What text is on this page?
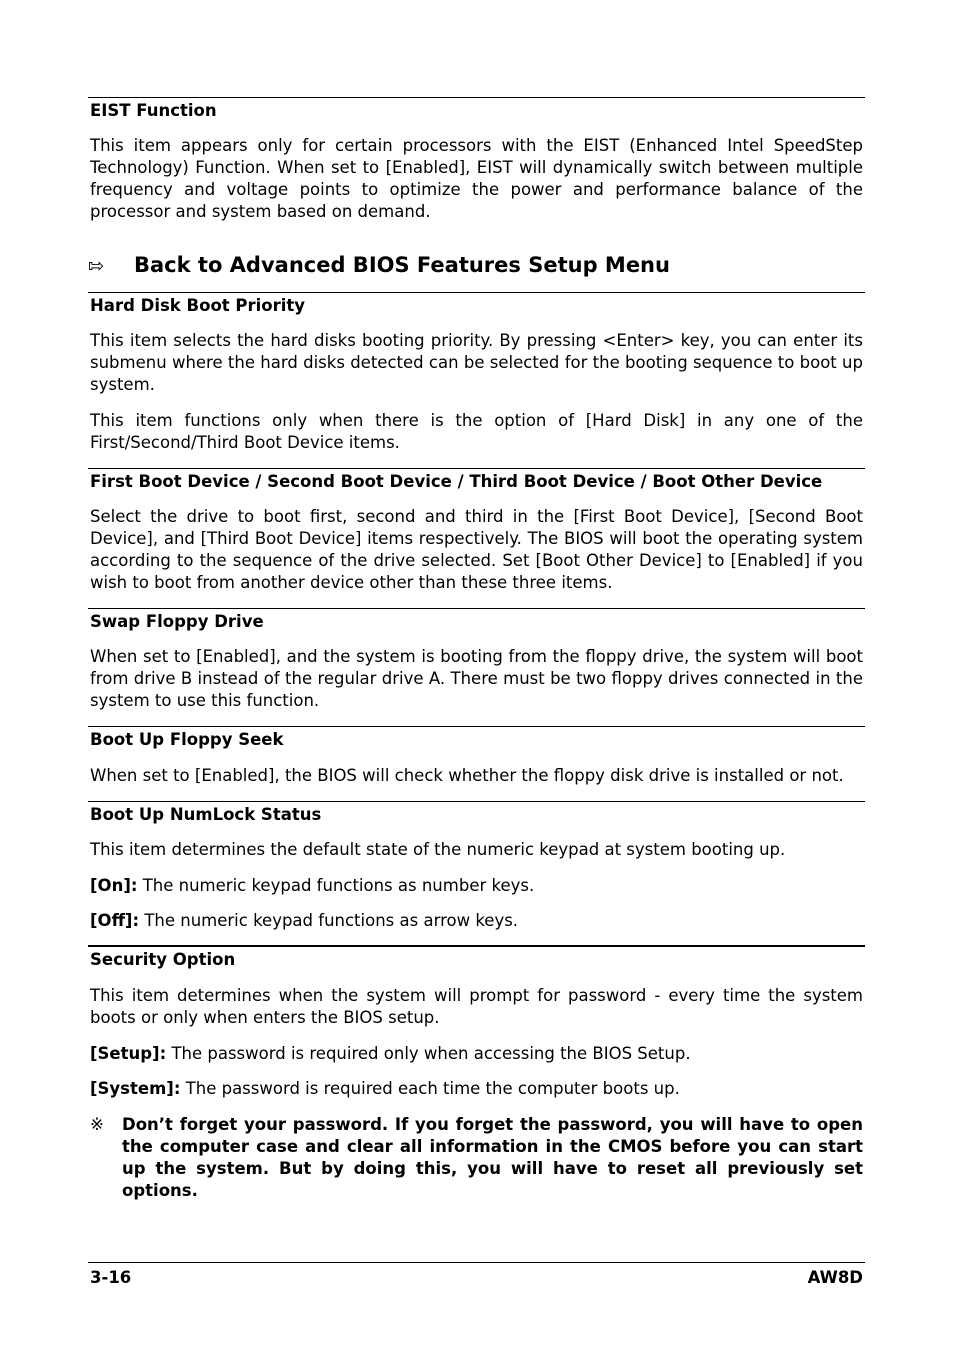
EIST Function
This item appears only for certain processors with the EIST (Enhanced Intel SpeedStep Technology) Function. When set to [Enabled], EIST will dynamically switch between multiple frequency and voltage points to optimize the power and performance balance of the processor and system based on demand.
⇰ Back to Advanced BIOS Features Setup Menu
Hard Disk Boot Priority
This item selects the hard disks booting priority. By pressing <Enter> key, you can enter its submenu where the hard disks detected can be selected for the booting sequence to boot up system.
This item functions only when there is the option of [Hard Disk] in any one of the First/Second/Third Boot Device items.
First Boot Device / Second Boot Device / Third Boot Device / Boot Other Device
Select the drive to boot first, second and third in the [First Boot Device], [Second Boot Device], and [Third Boot Device] items respectively. The BIOS will boot the operating system according to the sequence of the drive selected. Set [Boot Other Device] to [Enabled] if you wish to boot from another device other than these three items.
Swap Floppy Drive
When set to [Enabled], and the system is booting from the floppy drive, the system will boot from drive B instead of the regular drive A. There must be two floppy drives connected in the system to use this function.
Boot Up Floppy Seek
When set to [Enabled], the BIOS will check whether the floppy disk drive is installed or not.
Boot Up NumLock Status
This item determines the default state of the numeric keypad at system booting up.
[On]: The numeric keypad functions as number keys.
[Off]: The numeric keypad functions as arrow keys.
Security Option
This item determines when the system will prompt for password - every time the system boots or only when enters the BIOS setup.
[Setup]: The password is required only when accessing the BIOS Setup.
[System]: The password is required each time the computer boots up.
※ Don’t forget your password. If you forget the password, you will have to open the computer case and clear all information in the CMOS before you can start up the system. But by doing this, you will have to reset all previously set options.
3-16	AW8D
